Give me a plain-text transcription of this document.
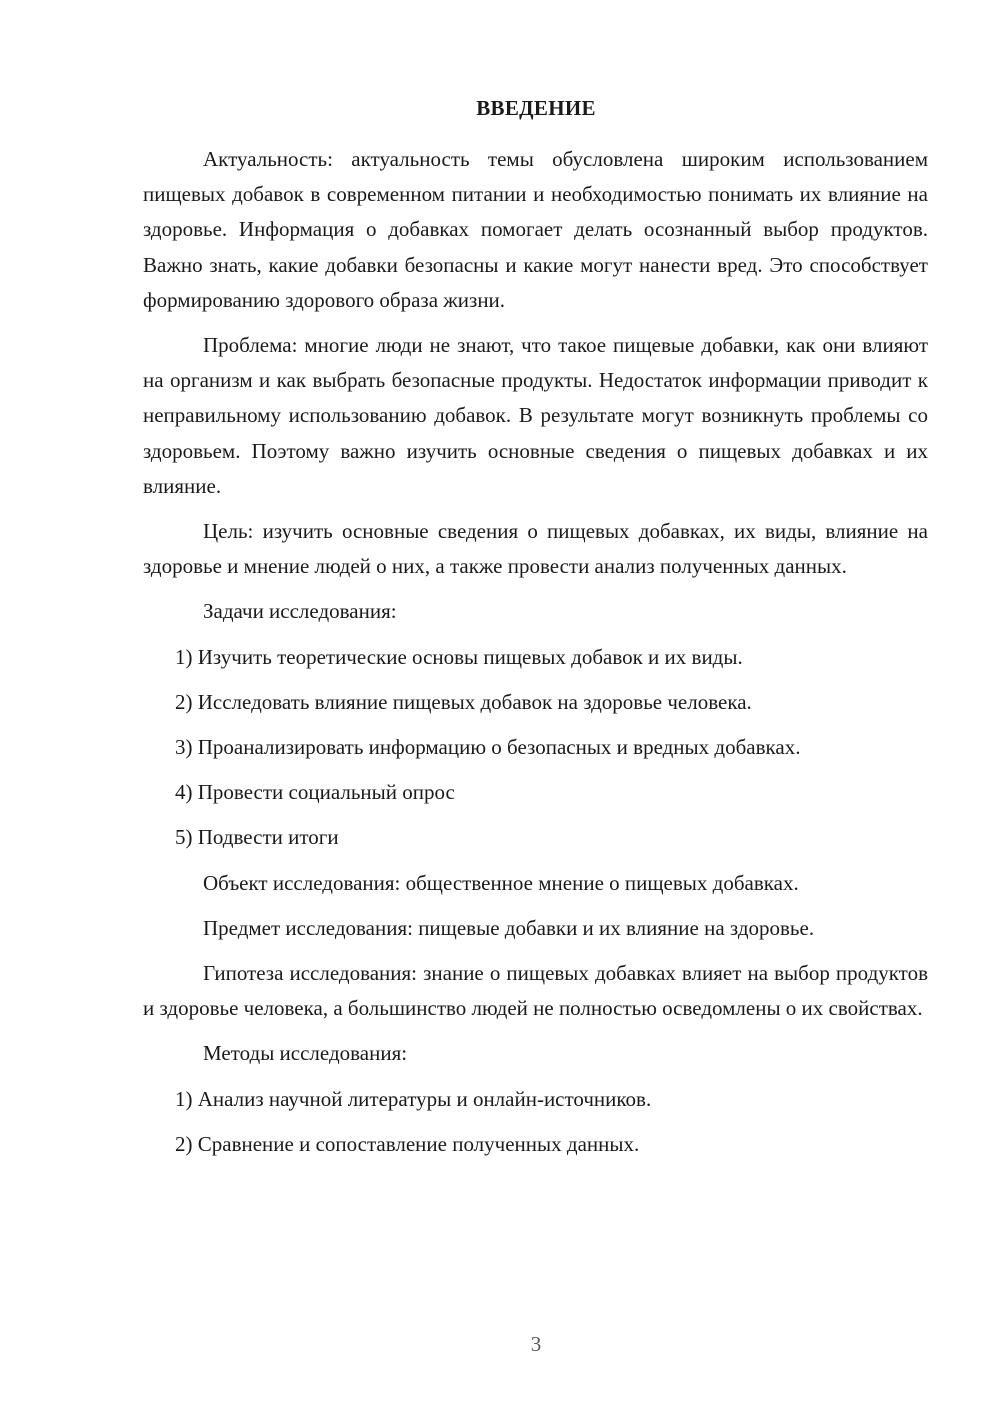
ВВЕДЕНИЕ

Актуальность: актуальность темы обусловлена широким использованием пищевых добавок в современном питании и необходимостью понимать их влияние на здоровье. Информация о добавках помогает делать осознанный выбор продуктов. Важно знать, какие добавки безопасны и какие могут нанести вред. Это способствует формированию здорового образа жизни.

Проблема: многие люди не знают, что такое пищевые добавки, как они влияют на организм и как выбрать безопасные продукты. Недостаток информации приводит к неправильному использованию добавок. В результате могут возникнуть проблемы со здоровьем. Поэтому важно изучить основные сведения о пищевых добавках и их влияние.

Цель: изучить основные сведения о пищевых добавках, их виды, влияние на здоровье и мнение людей о них, а также провести анализ полученных данных.

Задачи исследования:

1) Изучить теоретические основы пищевых добавок и их виды.

2) Исследовать влияние пищевых добавок на здоровье человека.

3) Проанализировать информацию о безопасных и вредных добавках.

4) Провести социальный опрос

5) Подвести итоги

Объект исследования: общественное мнение о пищевых добавках.

Предмет исследования: пищевые добавки и их влияние на здоровье.

Гипотеза исследования: знание о пищевых добавках влияет на выбор продуктов и здоровье человека, а большинство людей не полностью осведомлены о их свойствах.

Методы исследования:

1) Анализ научной литературы и онлайн-источников.

2) Сравнение и сопоставление полученных данных.

3
